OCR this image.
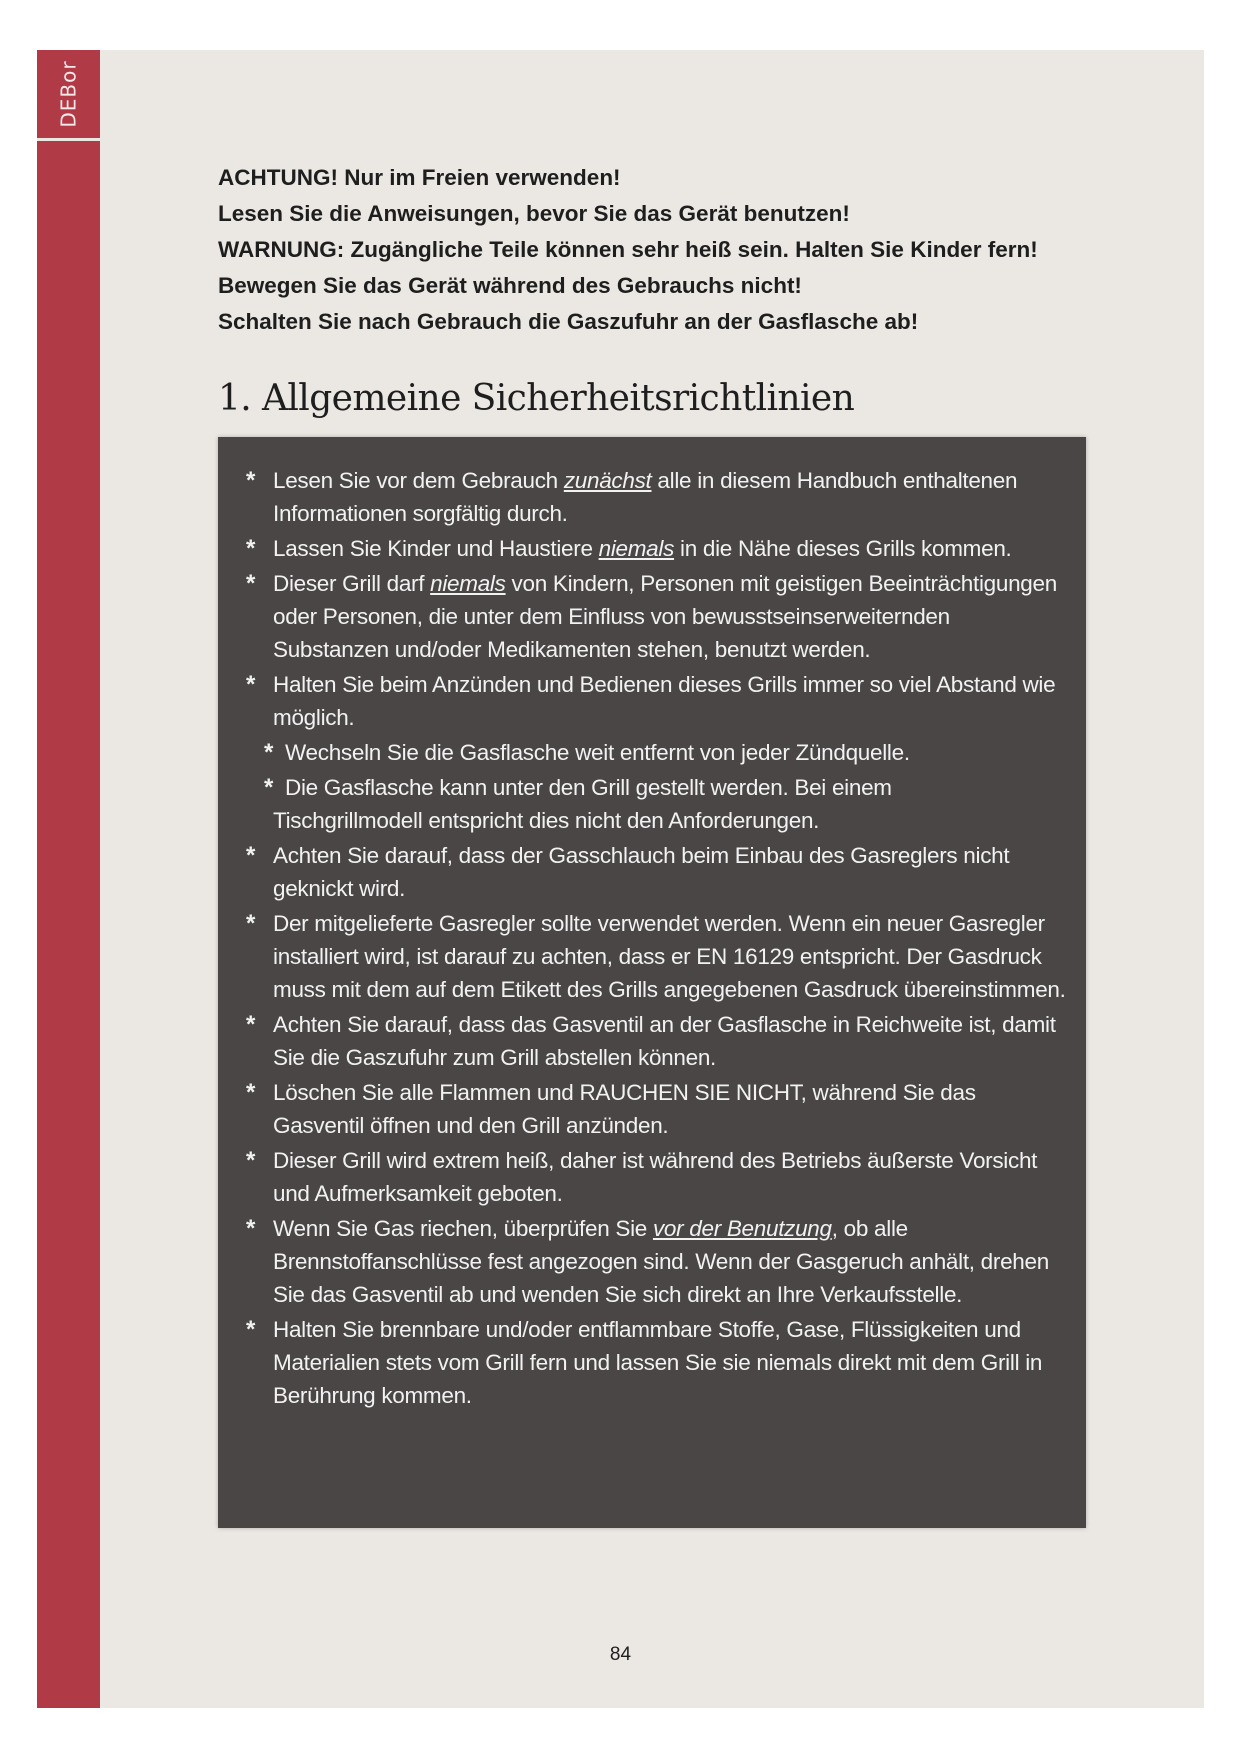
DEBor
ACHTUNG! Nur im Freien verwenden!
Lesen Sie die Anweisungen, bevor Sie das Gerät benutzen!
WARNUNG: Zugängliche Teile können sehr heiß sein. Halten Sie Kinder fern!
Bewegen Sie das Gerät während des Gebrauchs nicht!
Schalten Sie nach Gebrauch die Gaszufuhr an der Gasflasche ab!
1. Allgemeine Sicherheitsrichtlinien
* Lesen Sie vor dem Gebrauch zunächst alle in diesem Handbuch enthaltenen Informationen sorgfältig durch.
* Lassen Sie Kinder und Haustiere niemals in die Nähe dieses Grills kommen.
* Dieser Grill darf niemals von Kindern, Personen mit geistigen Beeinträchtigungen oder Personen, die unter dem Einfluss von bewusstseinserweiternden Substanzen und/oder Medikamenten stehen, benutzt werden.
* Halten Sie beim Anzünden und Bedienen dieses Grills immer so viel Abstand wie möglich.
* Wechseln Sie die Gasflasche weit entfernt von jeder Zündquelle.
* Die Gasflasche kann unter den Grill gestellt werden. Bei einem
Tischgrillmodell entspricht dies nicht den Anforderungen.
* Achten Sie darauf, dass der Gasschlauch beim Einbau des Gasreglers nicht geknickt wird.
* Der mitgelieferte Gasregler sollte verwendet werden. Wenn ein neuer Gasregler installiert wird, ist darauf zu achten, dass er EN 16129 entspricht. Der Gasdruck muss mit dem auf dem Etikett des Grills angegebenen Gasdruck übereinstimmen.
* Achten Sie darauf, dass das Gasventil an der Gasflasche in Reichweite ist, damit Sie die Gaszufuhr zum Grill abstellen können.
* Löschen Sie alle Flammen und RAUCHEN SIE NICHT, während Sie das Gasventil öffnen und den Grill anzünden.
* Dieser Grill wird extrem heiß, daher ist während des Betriebs äußerste Vorsicht und Aufmerksamkeit geboten.
* Wenn Sie Gas riechen, überprüfen Sie vor der Benutzung, ob alle Brennstoffanschlüsse fest angezogen sind. Wenn der Gasgeruch anhält, drehen Sie das Gasventil ab und wenden Sie sich direkt an Ihre Verkaufsstelle.
* Halten Sie brennbare und/oder entflammbare Stoffe, Gase, Flüssigkeiten und Materialien stets vom Grill fern und lassen Sie sie niemals direkt mit dem Grill in Berührung kommen.
84
